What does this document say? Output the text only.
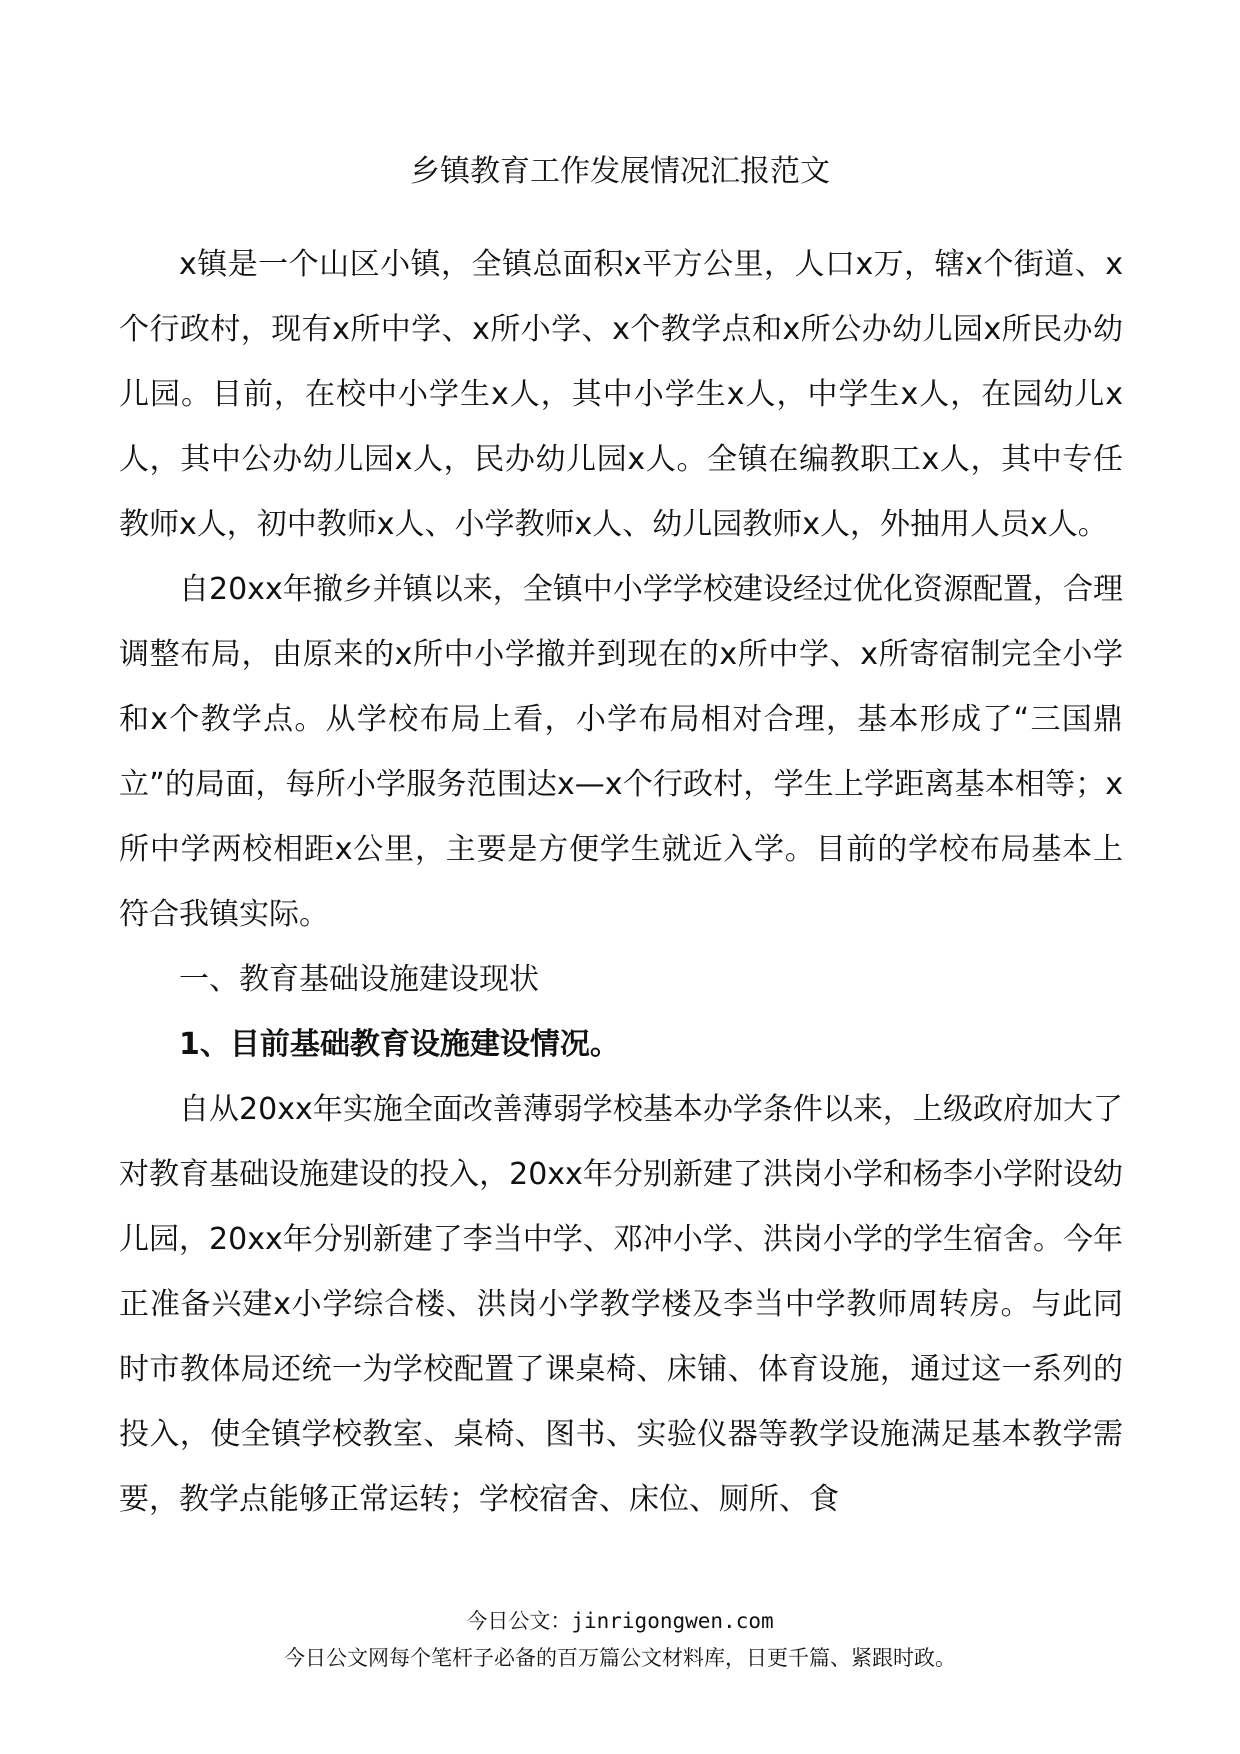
乡镇教育工作发展情况汇报范文

x镇是一个山区小镇，全镇总面积x平方公里，人口x万，辖x个街道、x个行政村，现有x所中学、x所小学、x个教学点和x所公办幼儿园x所民办幼儿园。目前，在校中小学生x人，其中小学生x人，中学生x人，在园幼儿x人，其中公办幼儿园x人，民办幼儿园x人。全镇在编教职工x人，其中专任教师x人，初中教师x人、小学教师x人、幼儿园教师x人，外抽用人员x人。

自20xx年撤乡并镇以来，全镇中小学学校建设经过优化资源配置，合理调整布局，由原来的x所中小学撤并到现在的x所中学、x所寄宿制完全小学和x个教学点。从学校布局上看，小学布局相对合理，基本形成了“三国鼎立”的局面，每所小学服务范围达x—x个行政村，学生上学距离基本相等；x所中学两校相距x公里，主要是方便学生就近入学。目前的学校布局基本上符合我镇实际。

一、教育基础设施建设现状

1、目前基础教育设施建设情况。

自从20xx年实施全面改善薄弱学校基本办学条件以来，上级政府加大了对教育基础设施建设的投入，20xx年分别新建了洪岗小学和杨李小学附设幼儿园，20xx年分别新建了李当中学、邓冲小学、洪岗小学的学生宿舍。今年正准备兴建x小学综合楼、洪岗小学教学楼及李当中学教师周转房。与此同时市教体局还统一为学校配置了课桌椅、床铺、体育设施，通过这一系列的投入，使全镇学校教室、桌椅、图书、实验仪器等教学设施满足基本教学需要，教学点能够正常运转；学校宿舍、床位、厕所、食

今日公文：jinrigongwen.com
今日公文网每个笔杆子必备的百万篇公文材料库，日更千篇、紧跟时政。
